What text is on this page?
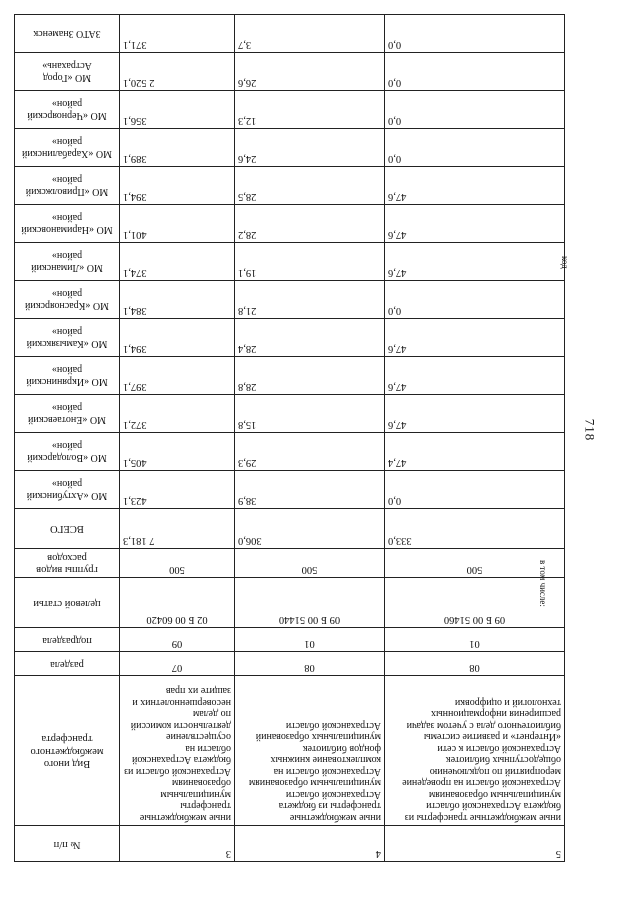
718
5	4	3	№ п/п
иные межбюджетные трансферты из бюджета Астраханской области муниципальным образованиям Астраханской области на проведение мероприятий по подключению общедоступных библиотек Астраханской области к сети «Интернет» и развитие системы библиотечного дела с учетом задачи расширения информационных технологий и оцифровки	иные межбюджетные трансферты из бюджета Астраханской области муниципальным образованиям Астраханской области на комплектование книжных фондов библиотек муниципальных образований Астраханской области	иные межбюджетные трансферты муниципальным образованиям Астраханской области из бюджета Астраханской области на осуществление деятельности комиссий по делам несовершеннолетних и защите их прав	Вид иного межбюджетного трансферта
08	08	07	раздела
01	01	09	подраздела
09 Б 00 51460	09 Б 00 51440	02 Б 00 60420	целевой статьи
500	500	500	группы видов расходов
333,0	306,0	7 181,3	ВСЕГО
0,0	38,9	423,1	МО «Ахтубинский район»
47,4	29,3	405,1	МО «Володарский район»
47,6	15,8	372,1	МО «Енотаевский район»
47,6	28,8	397,1	МО «Икрянинский район»
47,6	28,4	394,1	МО «Камызякский район»
0,0	21,8	384,1	МО «Красноярский район»
47,6	19,1	374,1	МО «Лиманский район»
47,6	28,2	401,1	МО «Наримановский район»
47,6	28,5	394,1	МО «Приволжский район»
0,0	24,6	389,1	МО «Харабалинский район»
0,0	12,3	356,1	МО «Черноярский район»
0,0	26,6	2 520,1	МО «Город Астрахань»
0,0	3,7	371,1	ЗАТО Знаменск
в том числе:
код
